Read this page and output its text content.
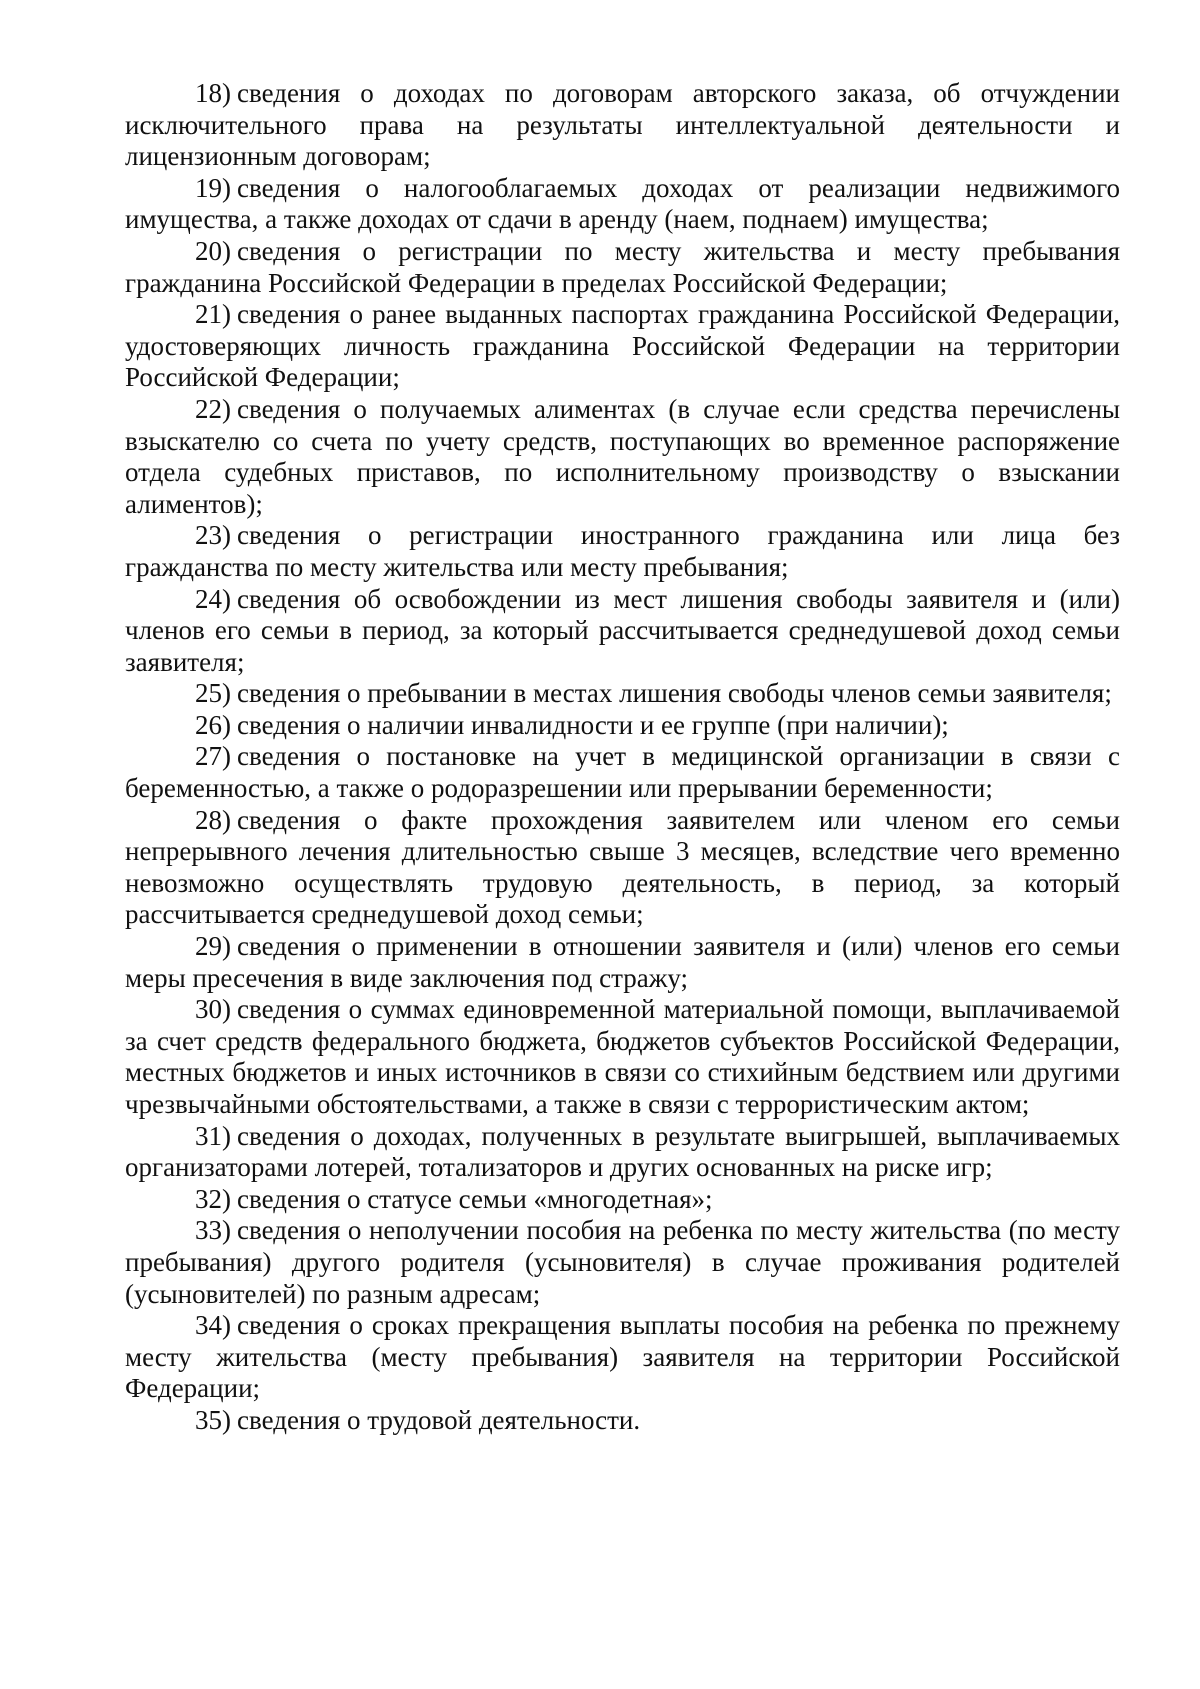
18) сведения о доходах по договорам авторского заказа, об отчуждении исключительного права на результаты интеллектуальной деятельности и лицензионным договорам;

19) сведения о налогооблагаемых доходах от реализации недвижимого имущества, а также доходах от сдачи в аренду (наем, поднаем) имущества;

20) сведения о регистрации по месту жительства и месту пребывания гражданина Российской Федерации в пределах Российской Федерации;

21) сведения о ранее выданных паспортах гражданина Российской Федерации, удостоверяющих личность гражданина Российской Федерации на территории Российской Федерации;

22) сведения о получаемых алиментах (в случае если средства перечислены взыскателю со счета по учету средств, поступающих во временное распоряжение отдела судебных приставов, по исполнительному производству о взыскании алиментов);

23) сведения о регистрации иностранного гражданина или лица без гражданства по месту жительства или месту пребывания;

24) сведения об освобождении из мест лишения свободы заявителя и (или) членов его семьи в период, за который рассчитывается среднедушевой доход семьи заявителя;

25) сведения о пребывании в местах лишения свободы членов семьи заявителя;

26) сведения о наличии инвалидности и ее группе (при наличии);

27) сведения о постановке на учет в медицинской организации в связи с беременностью, а также о родоразрешении или прерывании беременности;

28) сведения о факте прохождения заявителем или членом его семьи непрерывного лечения длительностью свыше 3 месяцев, вследствие чего временно невозможно осуществлять трудовую деятельность, в период, за который рассчитывается среднедушевой доход семьи;

29) сведения о применении в отношении заявителя и (или) членов его семьи меры пресечения в виде заключения под стражу;

30) сведения о суммах единовременной материальной помощи, выплачиваемой за счет средств федерального бюджета, бюджетов субъектов Российской Федерации, местных бюджетов и иных источников в связи со стихийным бедствием или другими чрезвычайными обстоятельствами, а также в связи с террористическим актом;

31) сведения о доходах, полученных в результате выигрышей, выплачиваемых организаторами лотерей, тотализаторов и других основанных на риске игр;

32) сведения о статусе семьи «многодетная»;

33) сведения о неполучении пособия на ребенка по месту жительства (по месту пребывания) другого родителя (усыновителя) в случае проживания родителей (усыновителей) по разным адресам;

34) сведения о сроках прекращения выплаты пособия на ребенка по прежнему месту жительства (месту пребывания) заявителя на территории Российской Федерации;

35) сведения о трудовой деятельности.
